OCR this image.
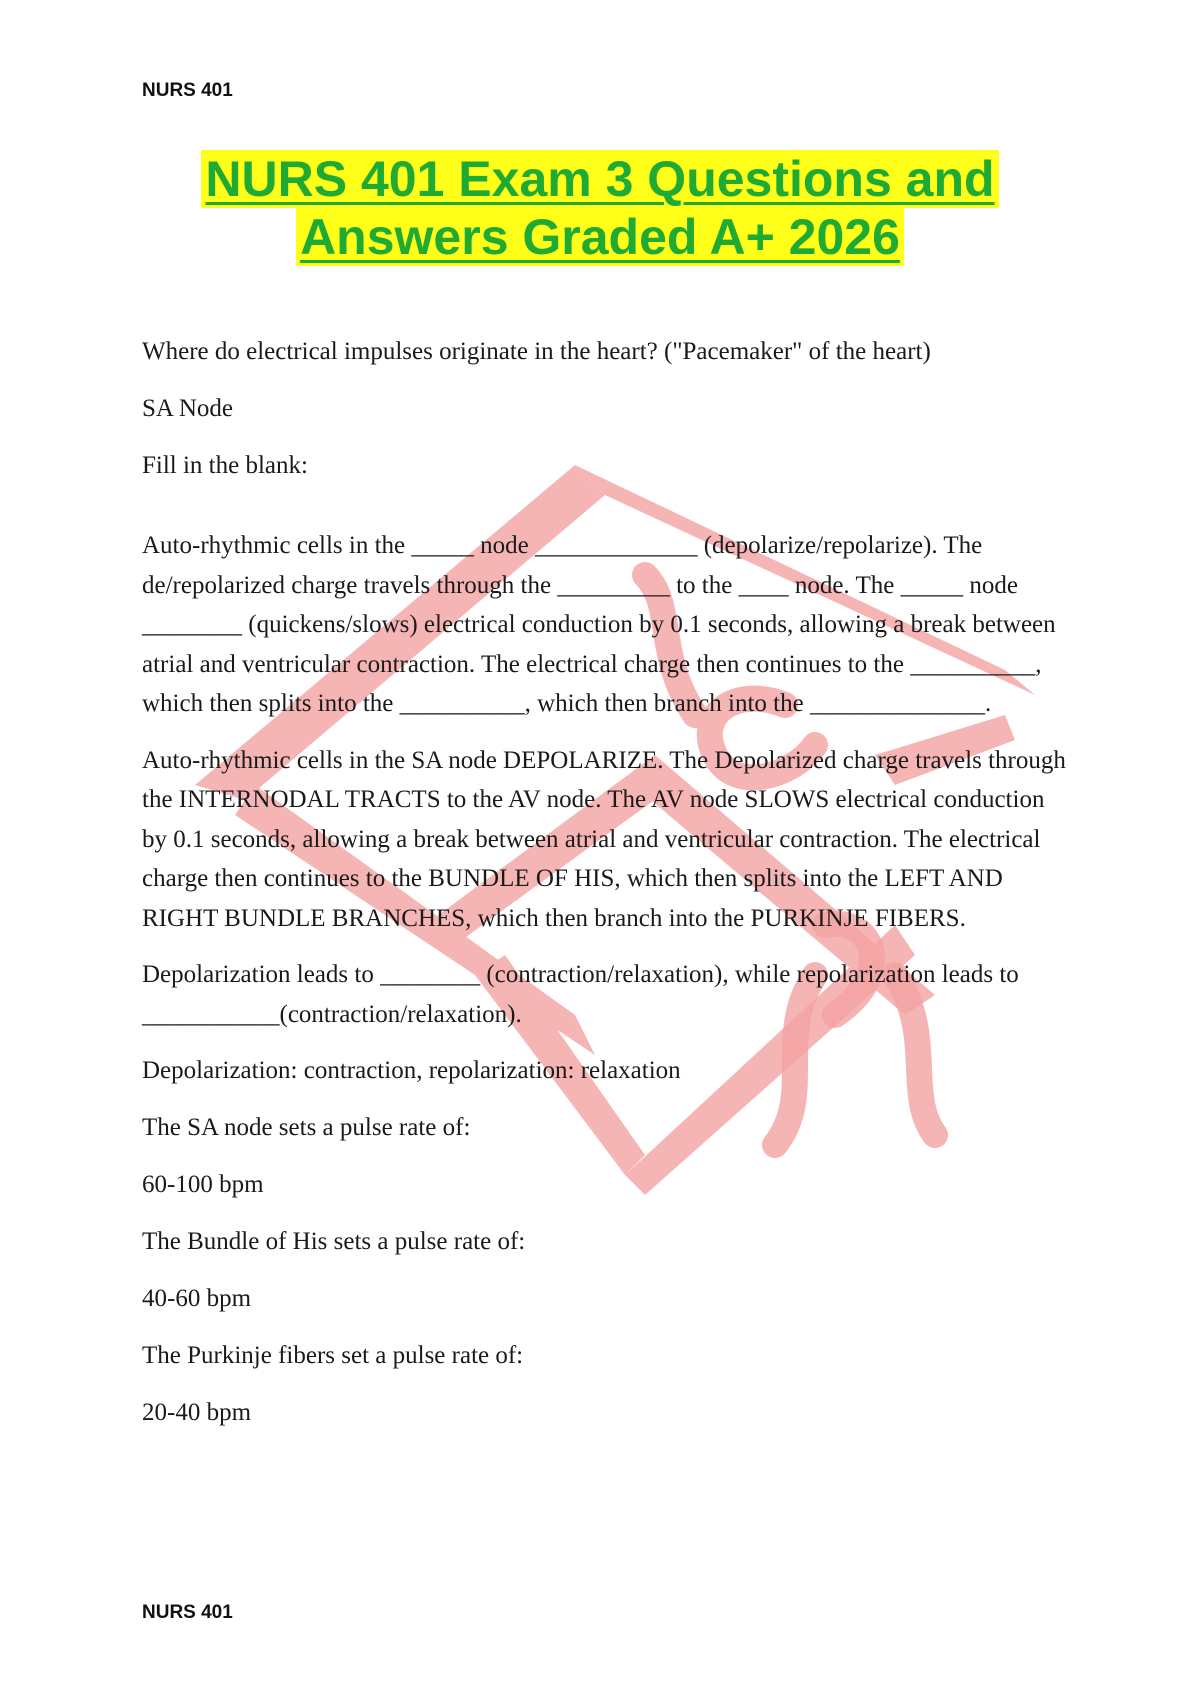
NURS 401
NURS 401 Exam 3 Questions and
Answers Graded A+ 2026

Where do electrical impulses originate in the heart? ("Pacemaker" of the heart)

SA Node

Fill in the blank:

Auto-rhythmic cells in the _____ node _____________ (depolarize/repolarize). The de/repolarized charge travels through the _________ to the ____ node. The _____ node ________ (quickens/slows) electrical conduction by 0.1 seconds, allowing a break between atrial and ventricular contraction. The electrical charge then continues to the __________, which then splits into the __________, which then branch into the ______________.

Auto-rhythmic cells in the SA node DEPOLARIZE. The Depolarized charge travels through the INTERNODAL TRACTS to the AV node. The AV node SLOWS electrical conduction by 0.1 seconds, allowing a break between atrial and ventricular contraction. The electrical charge then continues to the BUNDLE OF HIS, which then splits into the LEFT AND RIGHT BUNDLE BRANCHES, which then branch into the PURKINJE FIBERS.

Depolarization leads to ________ (contraction/relaxation), while repolarization leads to ___________(contraction/relaxation).

Depolarization: contraction, repolarization: relaxation

The SA node sets a pulse rate of:

60-100 bpm

The Bundle of His sets a pulse rate of:

40-60 bpm

The Purkinje fibers set a pulse rate of:

20-40 bpm

NURS 401
